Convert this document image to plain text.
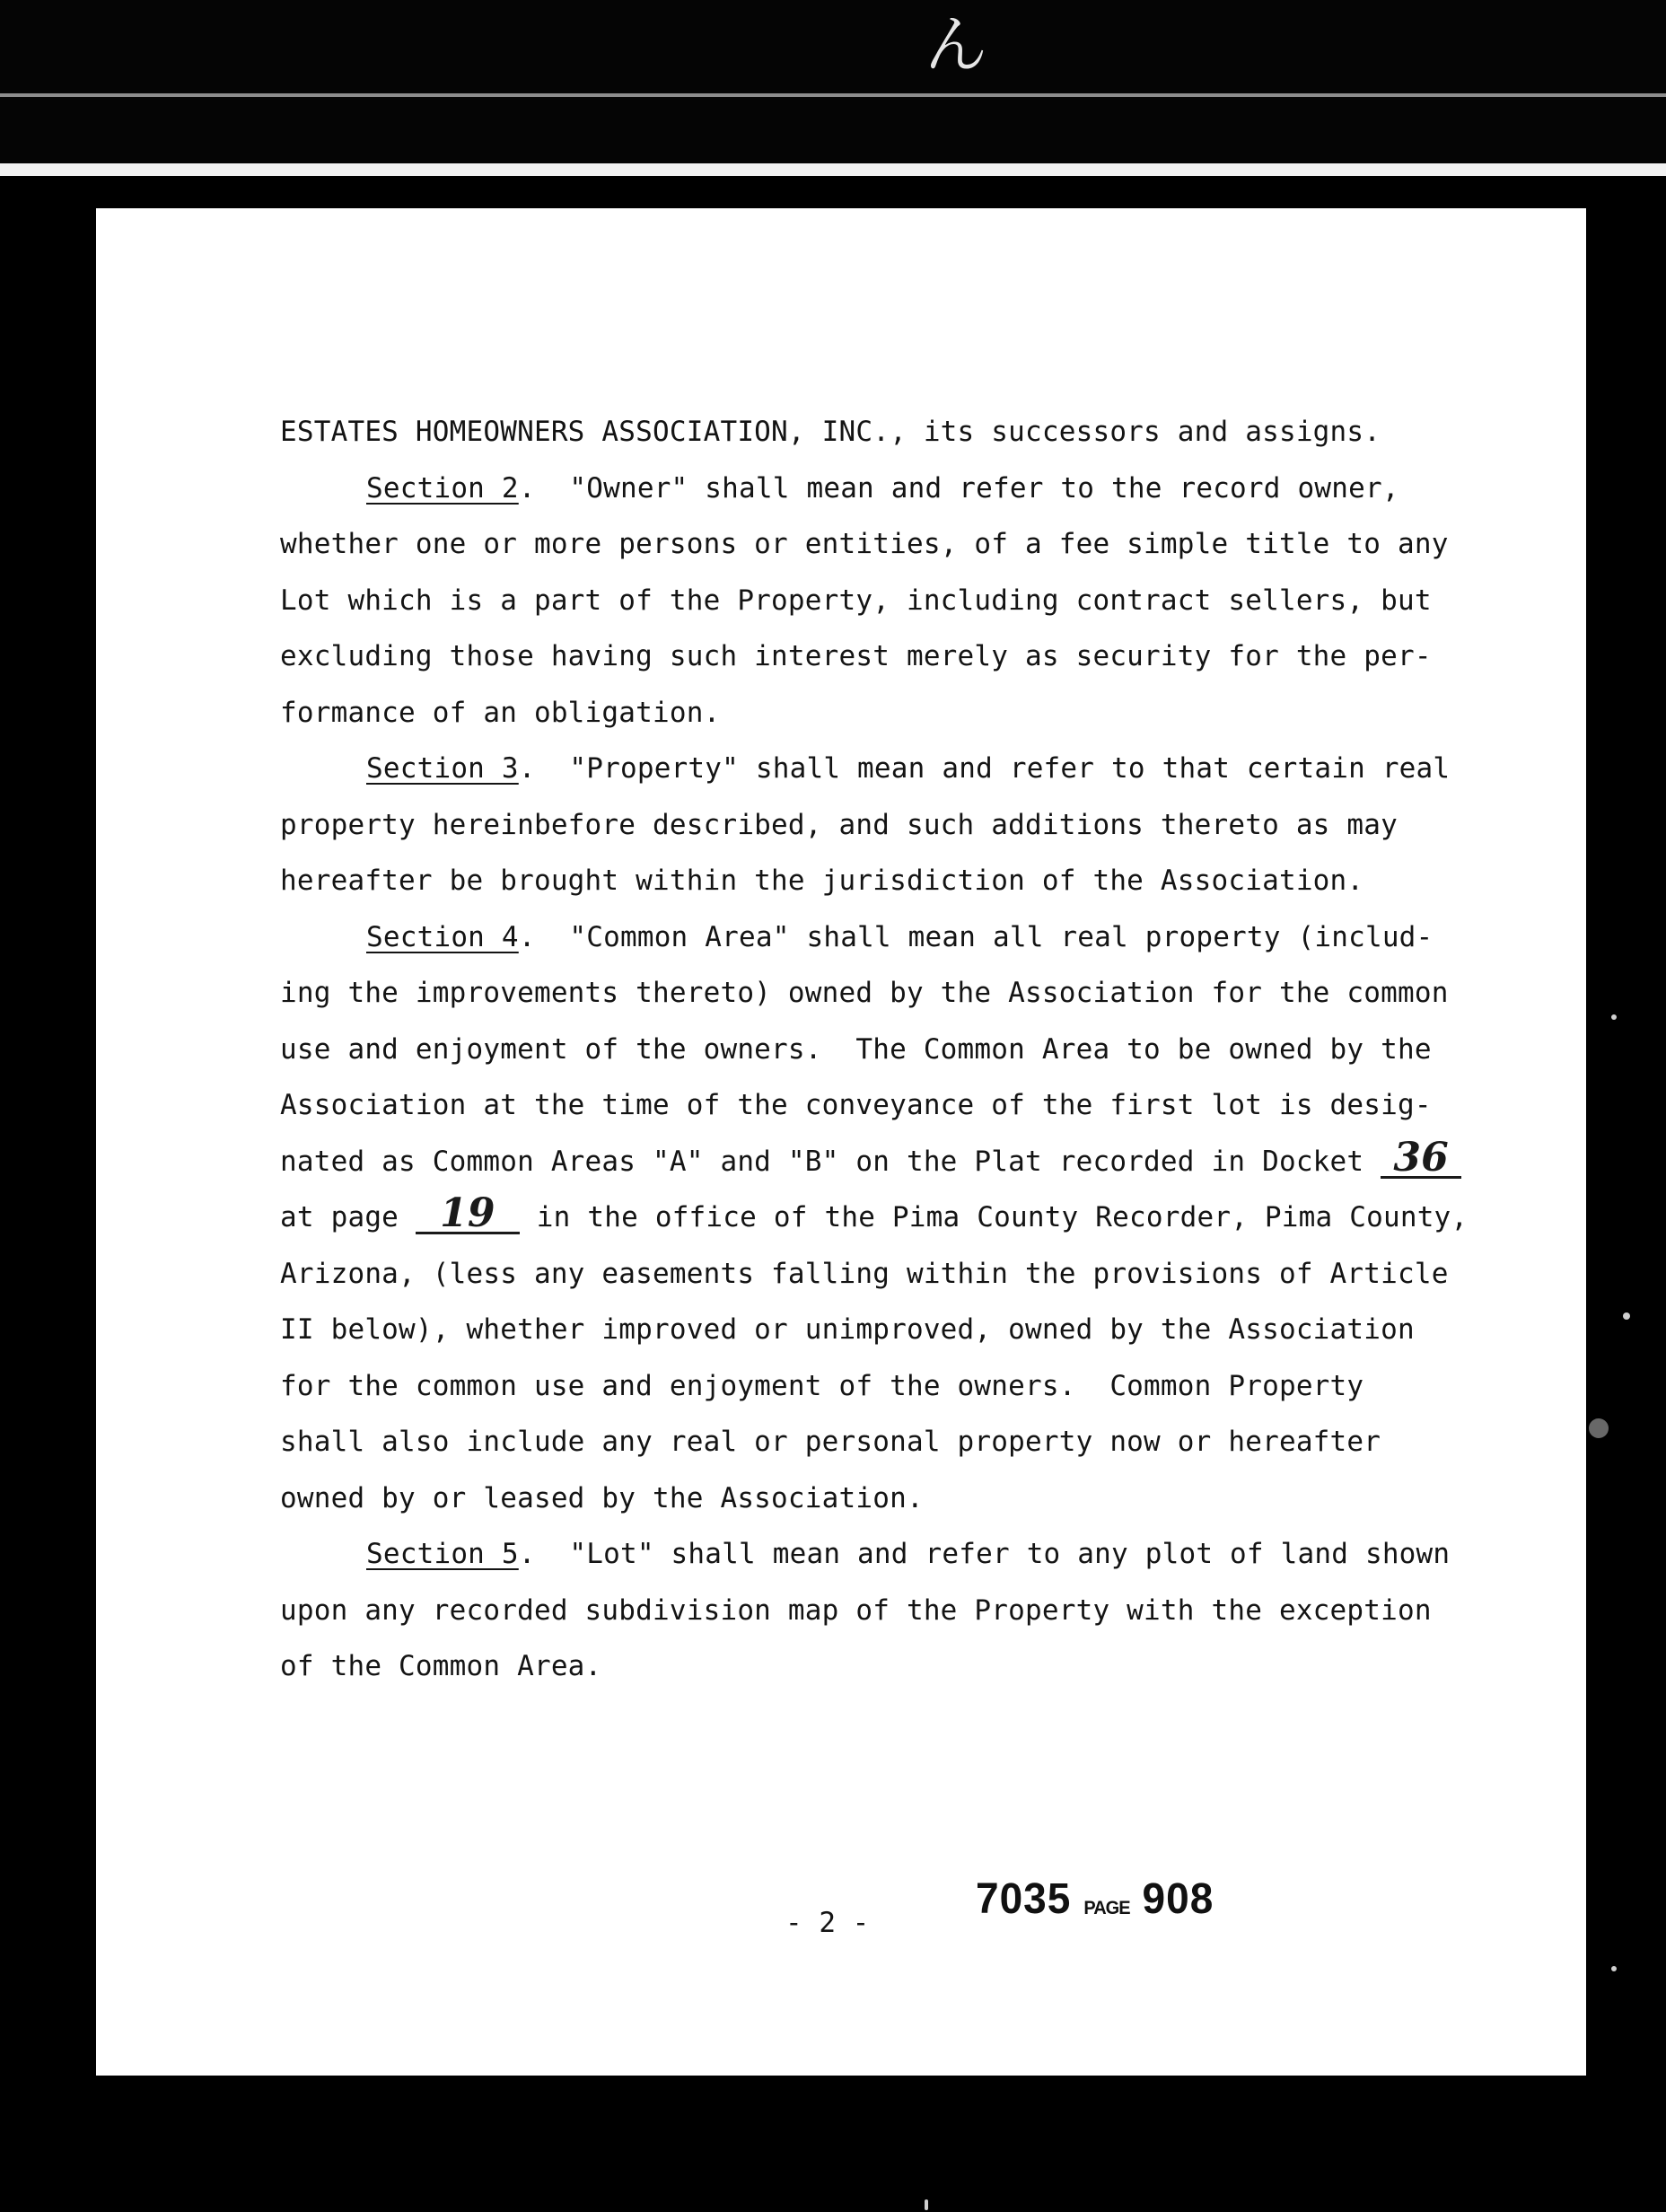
ん
ESTATES HOMEOWNERS ASSOCIATION, INC., its successors and assigns.
Section 2.  "Owner" shall mean and refer to the record owner,
whether one or more persons or entities, of a fee simple title to any
Lot which is a part of the Property, including contract sellers, but
excluding those having such interest merely as security for the per-
formance of an obligation.
Section 3.  "Property" shall mean and refer to that certain real
property hereinbefore described, and such additions thereto as may
hereafter be brought within the jurisdiction of the Association.
Section 4.  "Common Area" shall mean all real property (includ-
ing the improvements thereto) owned by the Association for the common
use and enjoyment of the owners.  The Common Area to be owned by the
Association at the time of the conveyance of the first lot is desig-
nated as Common Areas "A" and "B" on the Plat recorded in Docket 36
at page 19 in the office of the Pima County Recorder, Pima County,
Arizona, (less any easements falling within the provisions of Article
II below), whether improved or unimproved, owned by the Association
for the common use and enjoyment of the owners.  Common Property
shall also include any real or personal property now or hereafter
owned by or leased by the Association.
Section 5.  "Lot" shall mean and refer to any plot of land shown
upon any recorded subdivision map of the Property with the exception
of the Common Area.
7035 PAGE 908
- 2 -
